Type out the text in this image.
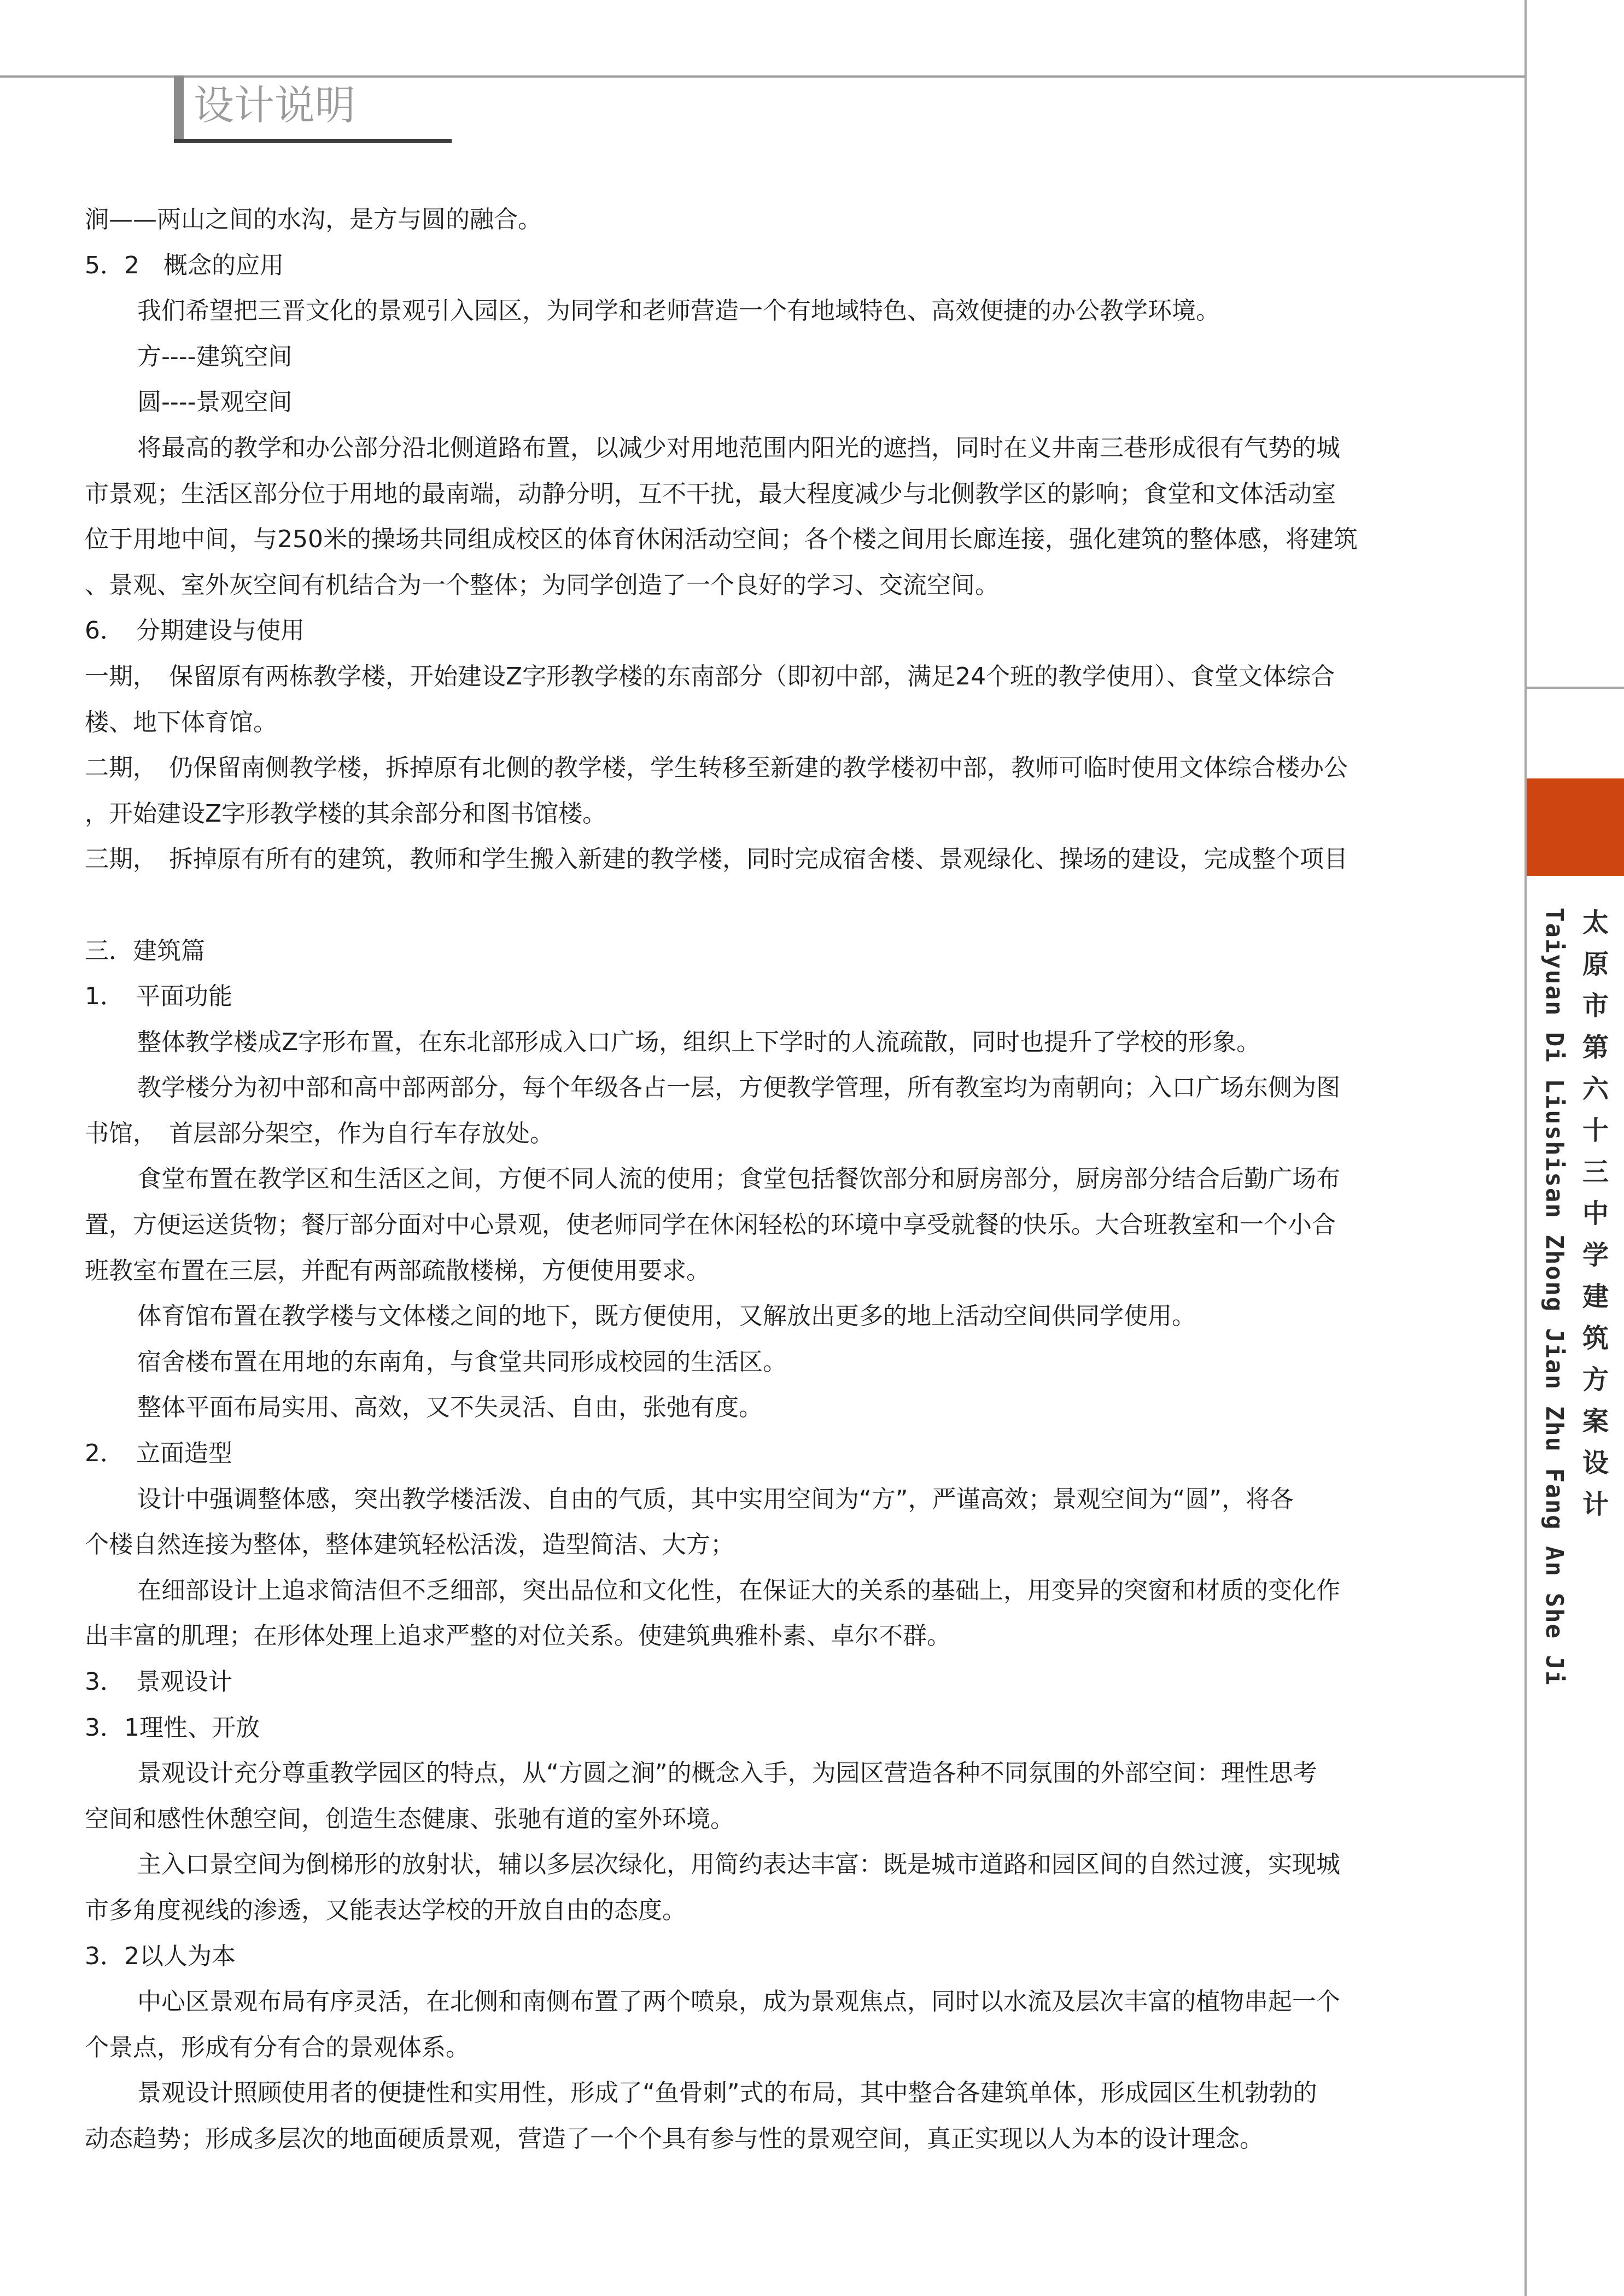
设计说明
涧——两山之间的水沟，是方与圆的融合。
5．2　概念的应用
我们希望把三晋文化的景观引入园区，为同学和老师营造一个有地域特色、高效便捷的办公教学环境。
方----建筑空间
圆----景观空间
将最高的教学和办公部分沿北侧道路布置，以减少对用地范围内阳光的遮挡，同时在义井南三巷形成很有气势的城
市景观；生活区部分位于用地的最南端，动静分明，互不干扰，最大程度减少与北侧教学区的影响；食堂和文体活动室
位于用地中间，与250米的操场共同组成校区的体育休闲活动空间；各个楼之间用长廊连接，强化建筑的整体感，将建筑
、景观、室外灰空间有机结合为一个整体；为同学创造了一个良好的学习、交流空间。
6．　分期建设与使用
一期，　保留原有两栋教学楼，开始建设Z字形教学楼的东南部分（即初中部，满足24个班的教学使用）、食堂文体综合
楼、地下体育馆。
二期，　仍保留南侧教学楼，拆掉原有北侧的教学楼，学生转移至新建的教学楼初中部，教师可临时使用文体综合楼办公
，开始建设Z字形教学楼的其余部分和图书馆楼。
三期，　拆掉原有所有的建筑，教师和学生搬入新建的教学楼，同时完成宿舍楼、景观绿化、操场的建设，完成整个项目
三．建筑篇
1．　平面功能
整体教学楼成Z字形布置，在东北部形成入口广场，组织上下学时的人流疏散，同时也提升了学校的形象。
教学楼分为初中部和高中部两部分，每个年级各占一层，方便教学管理，所有教室均为南朝向；入口广场东侧为图
书馆，　首层部分架空，作为自行车存放处。
食堂布置在教学区和生活区之间，方便不同人流的使用；食堂包括餐饮部分和厨房部分，厨房部分结合后勤广场布
置，方便运送货物；餐厅部分面对中心景观，使老师同学在休闲轻松的环境中享受就餐的快乐。大合班教室和一个小合
班教室布置在三层，并配有两部疏散楼梯，方便使用要求。
体育馆布置在教学楼与文体楼之间的地下，既方便使用，又解放出更多的地上活动空间供同学使用。
宿舍楼布置在用地的东南角，与食堂共同形成校园的生活区。
整体平面布局实用、高效，又不失灵活、自由，张弛有度。
2．　立面造型
设计中强调整体感，突出教学楼活泼、自由的气质，其中实用空间为“方”，严谨高效；景观空间为“圆”，将各
个楼自然连接为整体，整体建筑轻松活泼，造型简洁、大方；
在细部设计上追求简洁但不乏细部，突出品位和文化性，在保证大的关系的基础上，用变异的突窗和材质的变化作
出丰富的肌理；在形体处理上追求严整的对位关系。使建筑典雅朴素、卓尔不群。
3．　景观设计
3．1理性、开放
景观设计充分尊重教学园区的特点，从“方圆之涧”的概念入手，为园区营造各种不同氛围的外部空间：理性思考
空间和感性休憩空间，创造生态健康、张驰有道的室外环境。
主入口景空间为倒梯形的放射状，辅以多层次绿化，用简约表达丰富：既是城市道路和园区间的自然过渡，实现城
市多角度视线的渗透，又能表达学校的开放自由的态度。
3．2以人为本
中心区景观布局有序灵活，在北侧和南侧布置了两个喷泉，成为景观焦点，同时以水流及层次丰富的植物串起一个
个景点，形成有分有合的景观体系。
景观设计照顾使用者的便捷性和实用性，形成了“鱼骨刺”式的布局，其中整合各建筑单体，形成园区生机勃勃的
动态趋势；形成多层次的地面硬质景观，营造了一个个具有参与性的景观空间，真正实现以人为本的设计理念。
太原市第六十三中学建筑方案设计
Taiyuan Di Liushisan Zhong Jian Zhu Fang An She Ji
